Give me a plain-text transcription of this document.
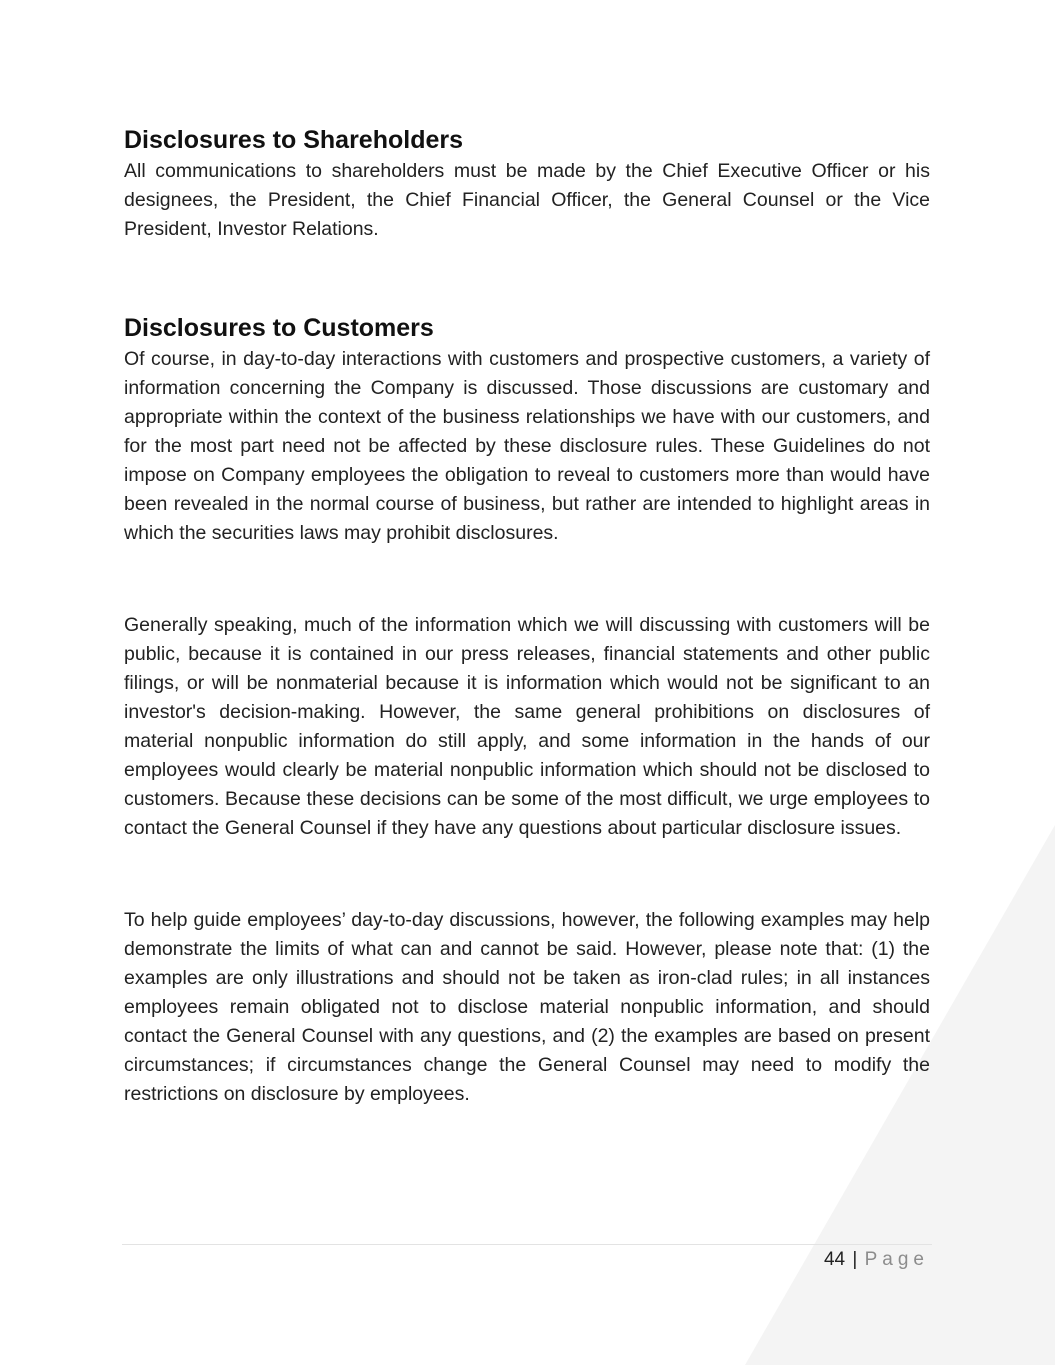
Disclosures to Shareholders

All communications to shareholders must be made by the Chief Executive Officer or his designees, the President, the Chief Financial Officer, the General Counsel or the Vice President, Investor Relations.

Disclosures to Customers

Of course, in day-to-day interactions with customers and prospective customers, a variety of information concerning the Company is discussed. Those discussions are customary and appropriate within the context of the business relationships we have with our customers, and for the most part need not be affected by these disclosure rules. These Guidelines do not impose on Company employees the obligation to reveal to customers more than would have been revealed in the normal course of business, but rather are intended to highlight areas in which the securities laws may prohibit disclosures.

Generally speaking, much of the information which we will discussing with customers will be public, because it is contained in our press releases, financial statements and other public filings, or will be nonmaterial because it is information which would not be significant to an investor's decision-making. However, the same general prohibitions on disclosures of material nonpublic information do still apply, and some information in the hands of our employees would clearly be material nonpublic information which should not be disclosed to customers. Because these decisions can be some of the most difficult, we urge employees to contact the General Counsel if they have any questions about particular disclosure issues.

To help guide employees’ day-to-day discussions, however, the following examples may help demonstrate the limits of what can and cannot be said. However, please note that: (1) the examples are only illustrations and should not be taken as iron-clad rules; in all instances employees remain obligated not to disclose material nonpublic information, and should contact the General Counsel with any questions, and (2) the examples are based on present circumstances; if circumstances change the General Counsel may need to modify the restrictions on disclosure by employees.

44 | Page
